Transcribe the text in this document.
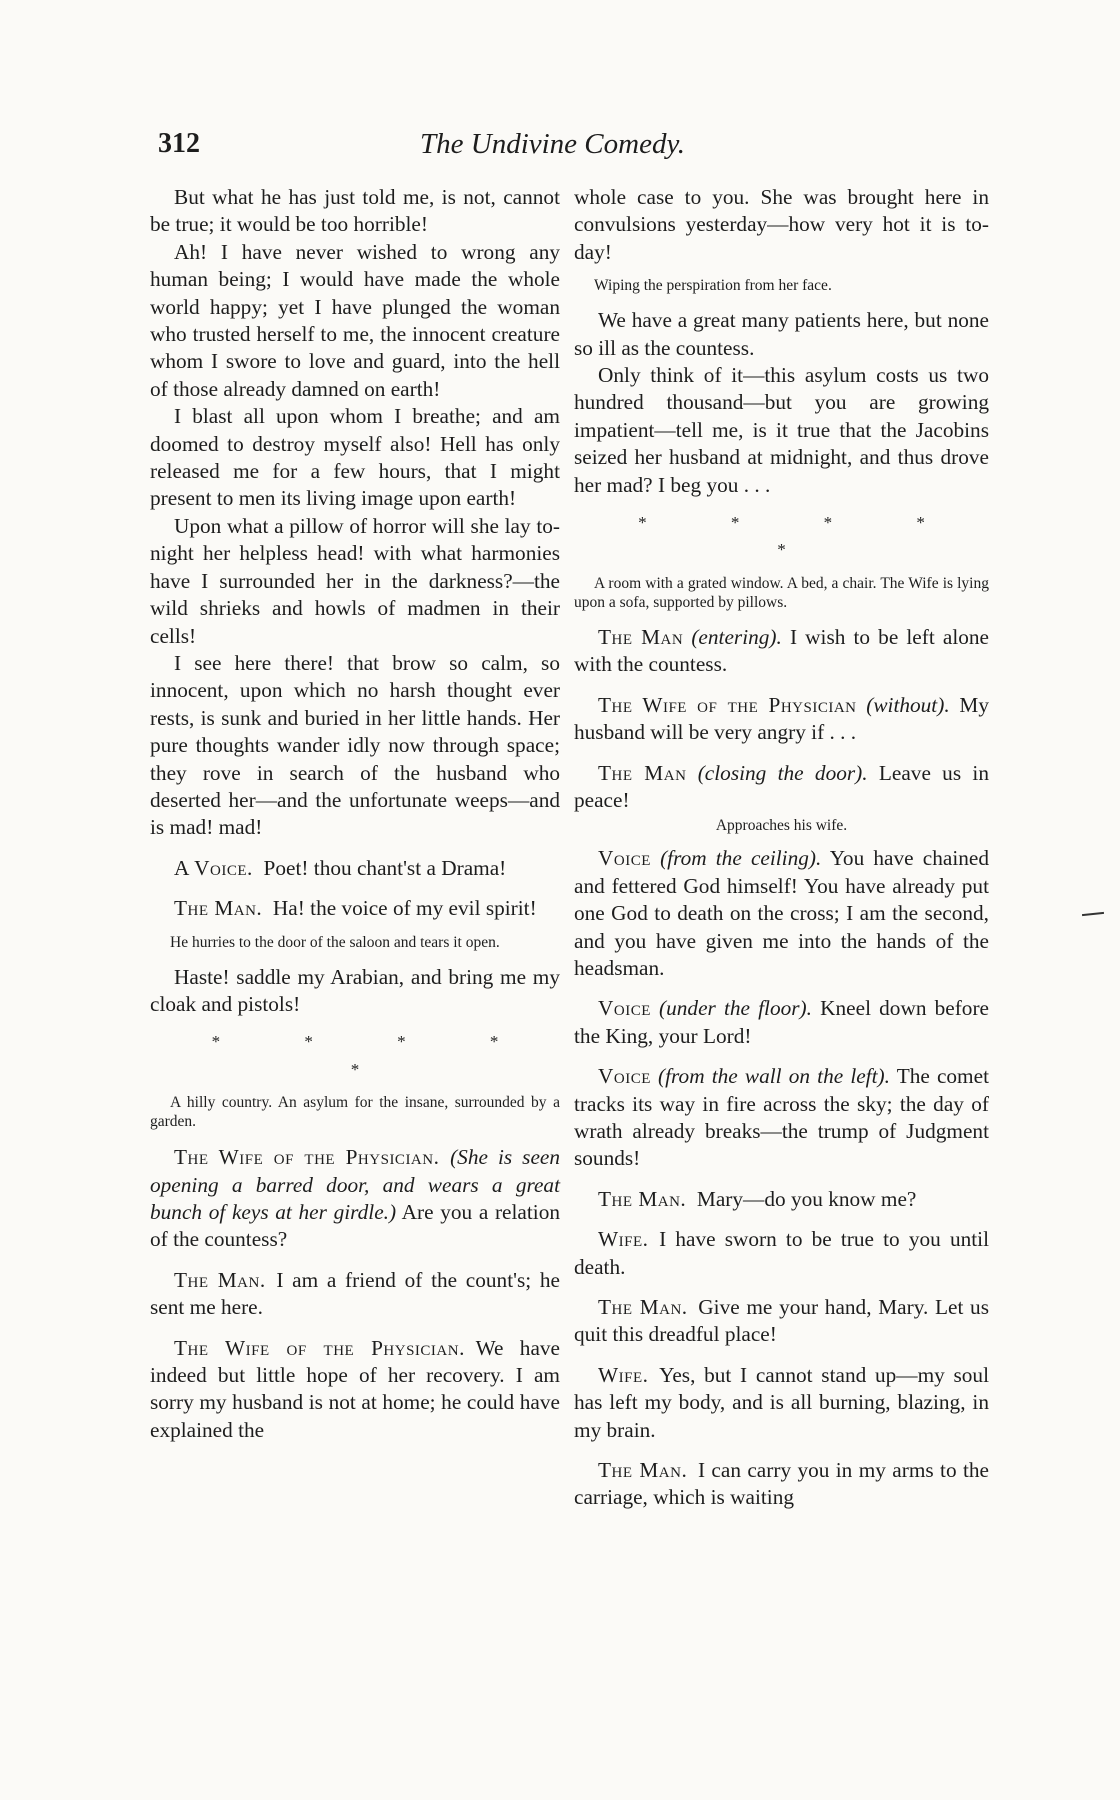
312	The Undivine Comedy.

But what he has just told me, is not, cannot be true; it would be too horrible!

Ah! I have never wished to wrong any human being; I would have made the whole world happy; yet I have plunged the woman who trusted herself to me, the innocent creature whom I swore to love and guard, into the hell of those already damned on earth!

I blast all upon whom I breathe; and am doomed to destroy myself also! Hell has only released me for a few hours, that I might present to men its living image upon earth!

Upon what a pillow of horror will she lay to-night her helpless head! with what harmonies have I surrounded her in the darkness?—the wild shrieks and howls of madmen in their cells!

I see here there! that brow so calm, so innocent, upon which no harsh thought ever rests, is sunk and buried in her little hands. Her pure thoughts wander idly now through space; they rove in search of the husband who deserted her—and the unfortunate weeps—and is mad! mad!

A Voice.  Poet! thou chant'st a Drama!

The Man.  Ha! the voice of my evil spirit!

He hurries to the door of the saloon and tears it open.

Haste! saddle my Arabian, and bring me my cloak and pistols!

* * * * *
A hilly country. An asylum for the insane, surrounded by a garden.

The Wife of the Physician.  (She is seen opening a barred door, and wears a great bunch of keys at her girdle.) Are you a relation of the countess?

The Man.  I am a friend of the count's; he sent me here.

The Wife of the Physician.  We have indeed but little hope of her recovery. I am sorry my husband is not at home; he could have explained the

whole case to you. She was brought here in convulsions yesterday—how very hot it is to-day!

Wiping the perspiration from her face.

We have a great many patients here, but none so ill as the countess.

Only think of it—this asylum costs us two hundred thousand—but you are growing impatient—tell me, is it true that the Jacobins seized her husband at midnight, and thus drove her mad? I beg you . . .

* * * * *
A room with a grated window. A bed, a chair. The Wife is lying upon a sofa, supported by pillows.

The Man (entering). I wish to be left alone with the countess.

The Wife of the Physician (without). My husband will be very angry if . . .

The Man (closing the door). Leave us in peace!

Approaches his wife.

Voice (from the ceiling). You have chained and fettered God himself! You have already put one God to death on the cross; I am the second, and you have given me into the hands of the headsman.

Voice (under the floor). Kneel down before the King, your Lord!

Voice (from the wall on the left). The comet tracks its way in fire across the sky; the day of wrath already breaks—the trump of Judgment sounds!

The Man.  Mary—do you know me?

Wife.  I have sworn to be true to you until death.

The Man.  Give me your hand, Mary. Let us quit this dreadful place!

Wife.  Yes, but I cannot stand up—my soul has left my body, and is all burning, blazing, in my brain.

The Man.  I can carry you in my arms to the carriage, which is waiting
